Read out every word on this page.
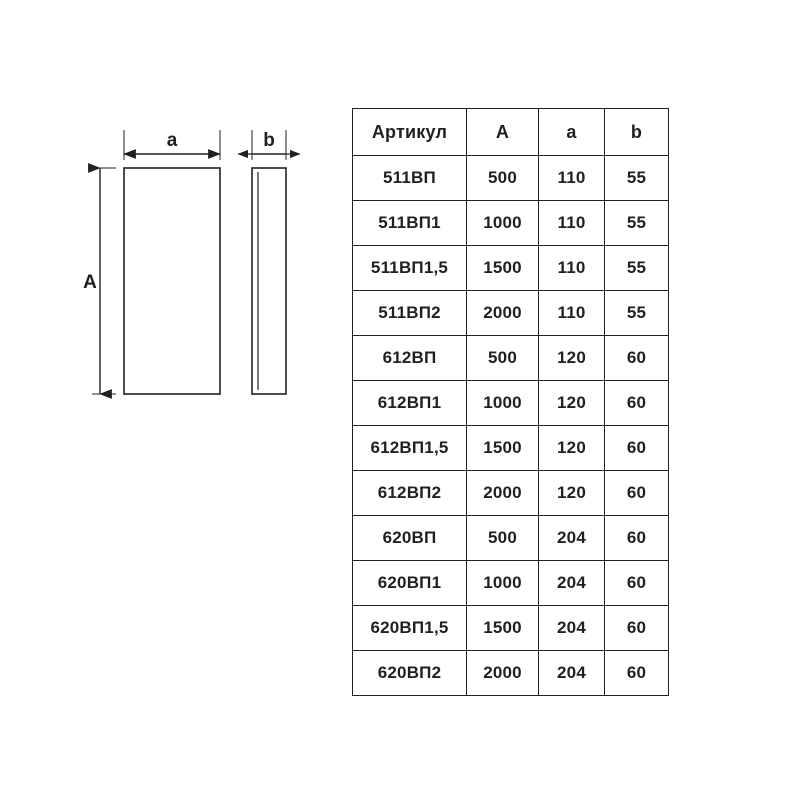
a	b
A
Артикул	A	a	b
511ВП	500	110	55
511ВП1	1000	110	55
511ВП1,5	1500	110	55
511ВП2	2000	110	55
612ВП	500	120	60
612ВП1	1000	120	60
612ВП1,5	1500	120	60
612ВП2	2000	120	60
620ВП	500	204	60
620ВП1	1000	204	60
620ВП1,5	1500	204	60
620ВП2	2000	204	60
